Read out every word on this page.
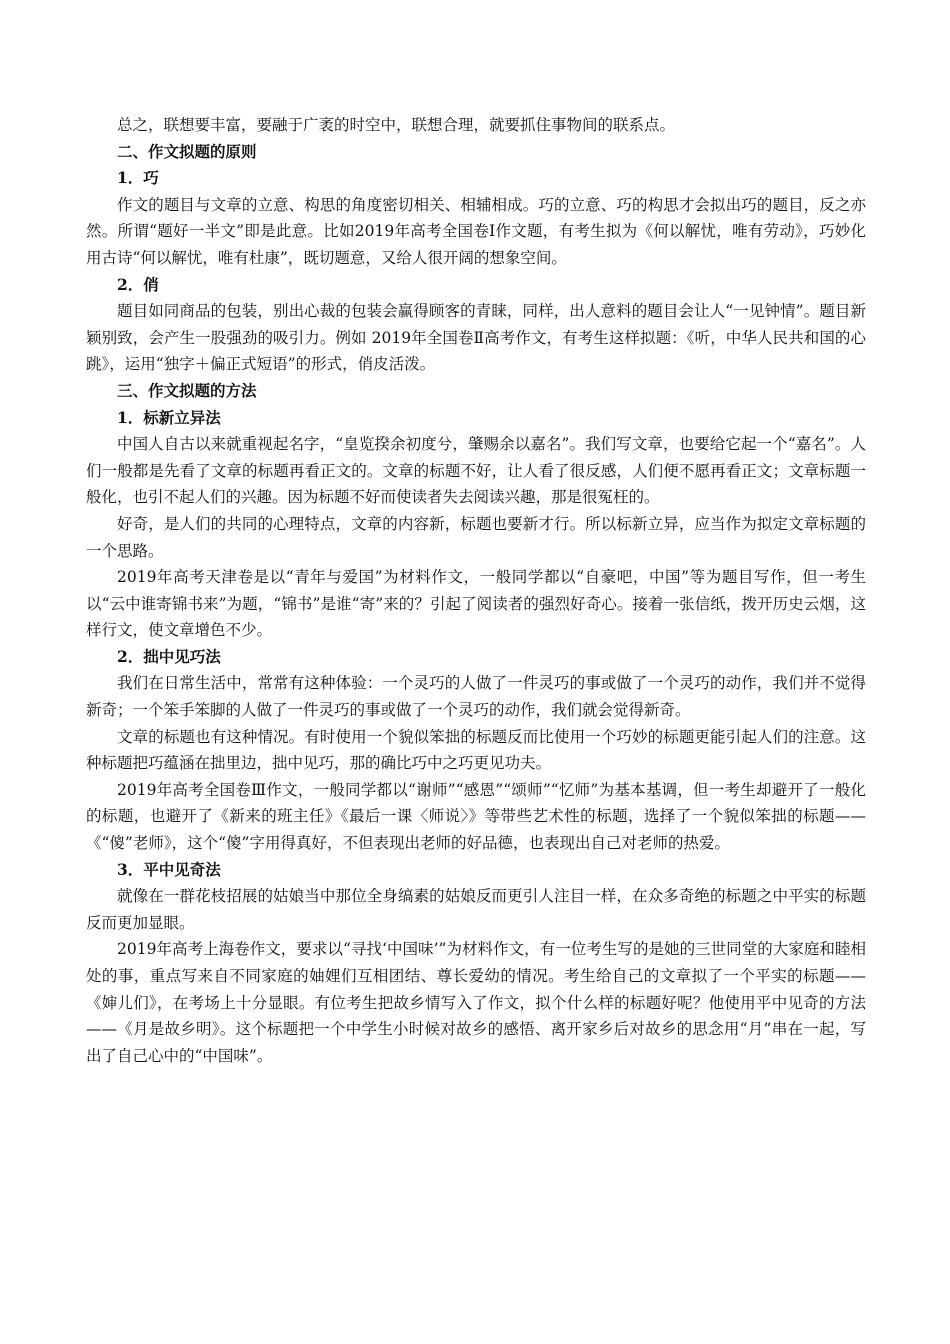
总之，联想要丰富，要融于广袤的时空中，联想合理，就要抓住事物间的联系点。

二、作文拟题的原则

1．巧

作文的题目与文章的立意、构思的角度密切相关、相辅相成。巧的立意、巧的构思才会拟出巧的题目，反之亦然。所谓“题好一半文”即是此意。比如2019年高考全国卷Ⅰ作文题，有考生拟为《何以解忧，唯有劳动》，巧妙化用古诗“何以解忧，唯有杜康”，既切题意，又给人很开阔的想象空间。

2．俏

题目如同商品的包装，别出心裁的包装会赢得顾客的青睐，同样，出人意料的题目会让人“一见钟情”。题目新颖别致，会产生一股强劲的吸引力。例如 2019年全国卷Ⅱ高考作文，有考生这样拟题：《听，中华人民共和国的心跳》，运用“独字＋偏正式短语”的形式，俏皮活泼。

三、作文拟题的方法

1．标新立异法

中国人自古以来就重视起名字，“皇览揆余初度兮，肇赐余以嘉名”。我们写文章，也要给它起一个“嘉名”。人们一般都是先看了文章的标题再看正文的。文章的标题不好，让人看了很反感，人们便不愿再看正文；文章标题一般化，也引不起人们的兴趣。因为标题不好而使读者失去阅读兴趣，那是很冤枉的。

好奇，是人们的共同的心理特点，文章的内容新，标题也要新才行。所以标新立异，应当作为拟定文章标题的一个思路。

2019年高考天津卷是以“青年与爱国”为材料作文，一般同学都以“自豪吧，中国”等为题目写作，但一考生以“云中谁寄锦书来”为题，“锦书”是谁“寄”来的？引起了阅读者的强烈好奇心。接着一张信纸，拨开历史云烟，这样行文，使文章增色不少。

2．拙中见巧法

我们在日常生活中，常常有这种体验：一个灵巧的人做了一件灵巧的事或做了一个灵巧的动作，我们并不觉得新奇；一个笨手笨脚的人做了一件灵巧的事或做了一个灵巧的动作，我们就会觉得新奇。

文章的标题也有这种情况。有时使用一个貌似笨拙的标题反而比使用一个巧妙的标题更能引起人们的注意。这种标题把巧蕴涵在拙里边，拙中见巧，那的确比巧中之巧更见功夫。

2019年高考全国卷Ⅲ作文，一般同学都以“谢师”“感恩”“颂师”“忆师”为基本基调，但一考生却避开了一般化的标题，也避开了《新来的班主任》《最后一课〈师说〉》等带些艺术性的标题，选择了一个貌似笨拙的标题——《“傻”老师》，这个“傻”字用得真好，不但表现出老师的好品德，也表现出自己对老师的热爱。

3．平中见奇法

就像在一群花枝招展的姑娘当中那位全身缟素的姑娘反而更引人注目一样，在众多奇绝的标题之中平实的标题反而更加显眼。

2019年高考上海卷作文，要求以“寻找‘中国味’”为材料作文，有一位考生写的是她的三世同堂的大家庭和睦相处的事，重点写来自不同家庭的妯娌们互相团结、尊长爱幼的情况。考生给自己的文章拟了一个平实的标题——《婶儿们》，在考场上十分显眼。有位考生把故乡情写入了作文，拟个什么样的标题好呢？他使用平中见奇的方法——《月是故乡明》。这个标题把一个中学生小时候对故乡的感悟、离开家乡后对故乡的思念用“月”串在一起，写出了自己心中的“中国味”。
